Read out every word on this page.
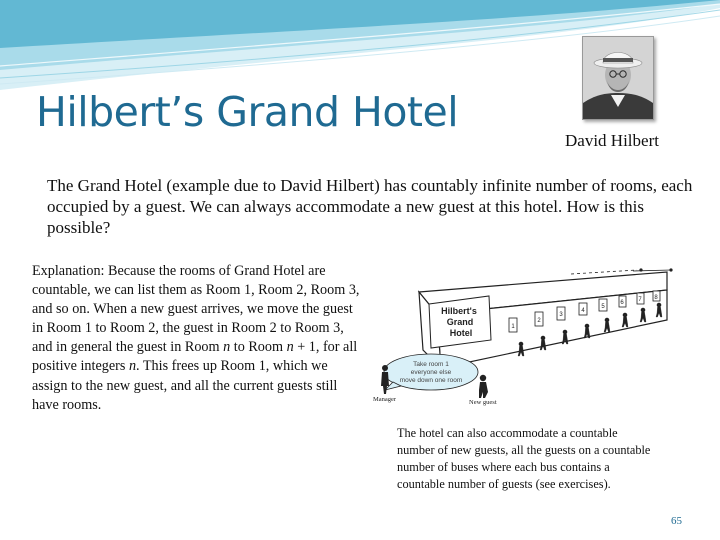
Hilbert’s Grand Hotel
David Hilbert
The Grand Hotel (example due to David Hilbert) has countably infinite number of rooms, each occupied by a guest. We can always accommodate a new guest at this hotel. How is this possible?
Explanation: Because the rooms of Grand Hotel are countable, we can list them as Room 1, Room 2, Room 3, and so on. When a new guest arrives, we move the guest in Room 1 to Room 2, the guest in Room 2 to Room 3, and in general the guest in Room n to Room n + 1, for all positive integers n. This frees up Room 1, which we assign to the new guest, and all the current guests still have rooms.
1
2
3
4
5
6 7 8
Hilbert's
Grand
Hotel
Take room 1
everyone else
move down one room
Manager	New guest
The hotel can also accommodate a countable number of new guests, all the guests on a countable number of buses where each bus contains a countable number of guests (see exercises).
65
